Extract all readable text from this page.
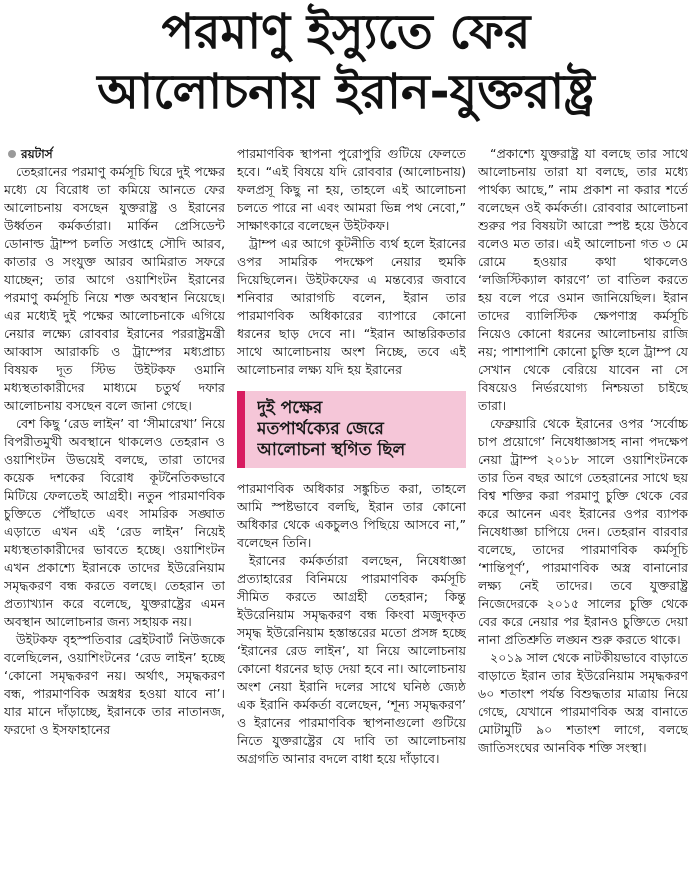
পরমাণু ইস্যুতে ফের
আলোচনায় ইরান-যুক্তরাষ্ট্র
রয়টার্স

তেহরানের পরমাণু কর্মসূচি ঘিরে দুই পক্ষের মধ্যে যে বিরোধ তা কমিয়ে আনতে ফের আলোচনায় বসছেন যুক্তরাষ্ট্র ও ইরানের উর্ধ্বতন কর্মকর্তারা। মার্কিন প্রেসিডেন্ট ডোনাল্ড ট্রাম্প চলতি সপ্তাহে সৌদি আরব, কাতার ও সংযুক্ত আরব আমিরাত সফরে যাচ্ছেন; তার আগে ওয়াশিংটন ইরানের পরমাণু কর্মসূচি নিয়ে শক্ত অবস্থান নিয়েছে। এর মধ্যেই দুই পক্ষের আলোচনাকে এগিয়ে নেয়ার লক্ষ্যে রোববার ইরানের পররাষ্ট্রমন্ত্রী আব্বাস আরাকচি ও ট্রাম্পের মধ্যপ্রাচ্য বিষয়ক দূত স্টিভ উইটকফ ওমানি মধ্যস্থতাকারীদের মাধ্যমে চতুর্থ দফার আলোচনায় বসছেন বলে জানা গেছে।

বেশ কিছু ‘রেড লাইন’ বা ‘সীমারেখা’ নিয়ে বিপরীতমুখী অবস্থানে থাকলেও তেহরান ও ওয়াশিংটন উভয়েই বলছে, তারা তাদের কয়েক দশকের বিরোধ কূটনৈতিকভাবে মিটিয়ে ফেলতেই আগ্রহী। নতুন পারমাণবিক চুক্তিতে পৌঁছাতে এবং সামরিক সঙ্ঘাত এড়াতে এখন এই ‘রেড লাইন’ নিয়েই মধ্যস্থতাকারীদের ভাবতে হচ্ছে। ওয়াশিংটন এখন প্রকাশ্যে ইরানকে তাদের ইউরেনিয়াম সমৃদ্ধকরণ বন্ধ করতে বলছে। তেহরান তা প্রত্যাখ্যান করে বলেছে, যুক্তরাষ্ট্রের এমন অবস্থান আলোচনার জন্য সহায়ক নয়।

উইটকফ বৃহস্পতিবার ব্রেইটবার্ট নিউজকে বলেছিলেন, ওয়াশিংটনের ‘রেড লাইন’ হচ্ছে ‘কোনো সমৃদ্ধকরণ নয়। অর্থাৎ, সমৃদ্ধকরণ বন্ধ, পারমাণবিক অস্ত্রধর হওয়া যাবে না’। যার মানে দাঁড়াচ্ছে, ইরানকে তার নাতানজ, ফরদো ও ইসফাহানের

পারমাণবিক স্থাপনা পুরোপুরি গুটিয়ে ফেলতে হবে। “এই বিষয়ে যদি রোববার (আলোচনায়) ফলপ্রসূ কিছু না হয়, তাহলে এই আলোচনা চলতে পারে না এবং আমরা ভিন্ন পথ নেবো,” সাক্ষাৎকারে বলেছেন উইটকফ।

ট্রাম্প এর আগে কূটনীতি ব্যর্থ হলে ইরানের ওপর সামরিক পদক্ষেপ নেয়ার হুমকি দিয়েছিলেন। উইটকফের এ মন্তব্যের জবাবে শনিবার আরাগচি বলেন, ইরান তার পারমাণবিক অধিকারের ব্যাপারে কোনো ধরনের ছাড় দেবে না। “ইরান আন্তরিকতার সাথে আলোচনায় অংশ নিচ্ছে, তবে এই আলোচনার লক্ষ্য যদি হয় ইরানের

দুই পক্ষের
মতপার্থক্যের জেরে
আলোচনা স্থগিত ছিল

পারমাণবিক অধিকার সঙ্কুচিত করা, তাহলে আমি স্পষ্টভাবে বলছি, ইরান তার কোনো অধিকার থেকে একচুলও পিছিয়ে আসবে না,” বলেছেন তিনি।

ইরানের কর্মকর্তারা বলছেন, নিষেধাজ্ঞা প্রত্যাহারের বিনিময়ে পারমাণবিক কর্মসূচি সীমিত করতে আগ্রহী তেহরান; কিন্তু ইউরেনিয়াম সমৃদ্ধকরণ বন্ধ কিংবা মজুদকৃত সমৃদ্ধ ইউরেনিয়াম হস্তান্তরের মতো প্রসঙ্গ হচ্ছে ‘ইরানের রেড লাইন’, যা নিয়ে আলোচনায় কোনো ধরনের ছাড় দেয়া হবে না। আলোচনায় অংশ নেয়া ইরানি দলের সাথে ঘনিষ্ঠ জ্যেষ্ঠ এক ইরানি কর্মকর্তা বলেছেন, ‘শূন্য সমৃদ্ধকরণ’ ও ইরানের পারমাণবিক স্থাপনাগুলো গুটিয়ে নিতে যুক্তরাষ্ট্রের যে দাবি তা আলোচনায় অগ্রগতি আনার বদলে বাধা হয়ে দাঁড়াবে।

“প্রকাশ্যে যুক্তরাষ্ট্র যা বলছে তার সাথে আলোচনায় তারা যা বলছে, তার মধ্যে পার্থক্য আছে,” নাম প্রকাশ না করার শর্তে বলেছেন ওই কর্মকর্তা। রোববার আলোচনা শুরুর পর বিষয়টা আরো স্পষ্ট হয়ে উঠবে বলেও মত তার। এই আলোচনা গত ৩ মে রোমে হওয়ার কথা থাকলেও ‘লজিস্টিক্যাল কারণে’ তা বাতিল করতে হয় বলে পরে ওমান জানিয়েছিল। ইরান তাদের ব্যালিস্টিক ক্ষেপণাস্ত্র কর্মসূচি নিয়েও কোনো ধরনের আলোচনায় রাজি নয়; পাশাপাশি কোনো চুক্তি হলে ট্রাম্প যে সেখান থেকে বেরিয়ে যাবেন না সে বিষয়েও নির্ভরযোগ্য নিশ্চয়তা চাইছে তারা।

ফেব্রুয়ারি থেকে ইরানের ওপর ‘সর্বোচ্চ চাপ প্রয়োগে’ নিষেধাজ্ঞাসহ নানা পদক্ষেপ নেয়া ট্রাম্প ২০১৮ সালে ওয়াশিংটনকে তার তিন বছর আগে তেহরানের সাথে ছয় বিশ্ব শক্তির করা পরমাণু চুক্তি থেকে বের করে আনেন এবং ইরানের ওপর ব্যাপক নিষেধাজ্ঞা চাপিয়ে দেন। তেহরান বারবার বলেছে, তাদের পারমাণবিক কর্মসূচি ‘শান্তিপূর্ণ’, পারমাণবিক অস্ত্র বানানোর লক্ষ্য নেই তাদের। তবে যুক্তরাষ্ট্র নিজেদেরকে ২০১৫ সালের চুক্তি থেকে বের করে নেয়ার পর ইরানও চুক্তিতে দেয়া নানা প্রতিশ্রুতি লঙ্ঘন শুরু করতে থাকে।

২০১৯ সাল থেকে নাটকীয়ভাবে বাড়াতে বাড়াতে ইরান তার ইউরেনিয়াম সমৃদ্ধকরণ ৬০ শতাংশ পর্যন্ত বিশুদ্ধতার মাত্রায় নিয়ে গেছে, যেখানে পারমাণবিক অস্ত্র বানাতে মোটামুটি ৯০ শতাংশ লাগে, বলছে জাতিসংঘের আনবিক শক্তি সংস্থা।
